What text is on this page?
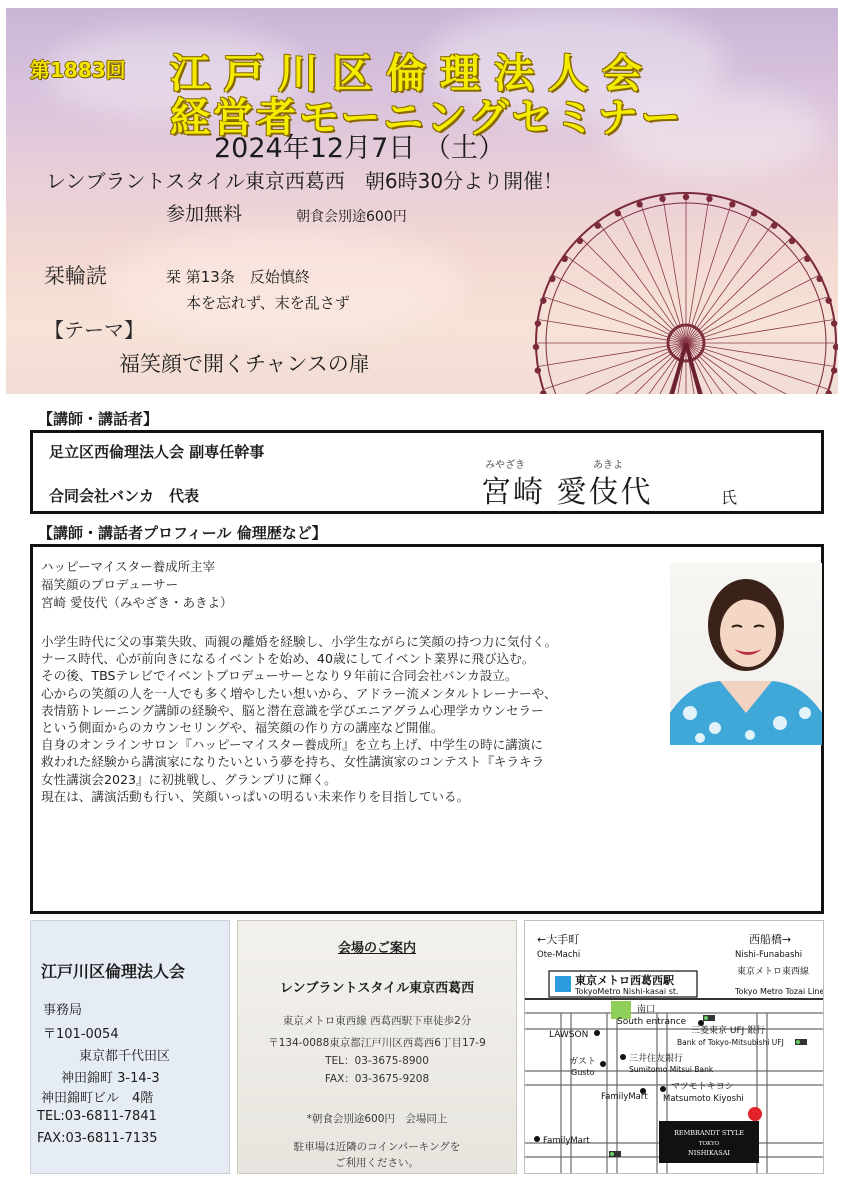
第1883回 江戸川区倫理法人会
経営者モーニングセミナー
2024年12月7日 （土）
レンブラントスタイル東京西葛西　朝6時30分より開催！
参加無料	朝食会別途600円
栞輪読	栞 第13条　反始慎終
本を忘れず、末を乱さず
【テーマ】
福笑顔で開くチャンスの扉
【講師・講話者】
足立区西倫理法人会 副専任幹事
合同会社バンカ　代表
みやざき	あきよ
宮崎 愛伎代	氏
【講師・講話者プロフィール 倫理歴など】
ハッピーマイスター養成所主宰
福笑顔のプロデューサー
宮崎 愛伎代（みやざき・あきよ）

小学生時代に父の事業失敗、両親の離婚を経験し、小学生ながらに笑顔の持つ力に気付く。

ナース時代、心が前向きになるイベントを始め、40歳にしてイベント業界に飛び込む。

その後、TBSテレビでイベントプロデューサーとなり９年前に合同会社バンカ設立。

心からの笑顔の人を一人でも多く増やしたい想いから、アドラー流メンタルトレーナーや、

表情筋トレーニング講師の経験や、脳と潜在意識を学びエニアグラム心理学カウンセラー

という側面からのカウンセリングや、福笑顔の作り方の講座など開催。

自身のオンラインサロン『ハッピーマイスター養成所』を立ち上げ、中学生の時に講演に

救われた経験から講演家になりたいという夢を持ち、女性講演家のコンテスト『キラキラ

女性講演会2023』に初挑戦し、グランプリに輝く。

現在は、講演活動も行い、笑顔いっぱいの明るい未来作りを目指している。

江戸川区倫理法人会
事務局
〒101-0054
東京都千代田区
神田錦町 3-14-3
神田錦町ビル　4階
TEL:03-6811-7841
FAX:03-6811-7135
会場のご案内
レンブラントスタイル東京西葛西
東京メトロ東西線 西葛西駅下車徒歩2分
〒134-0088東京都江戸川区西葛西6丁目17-9
TEL：03-3675-8900
FAX：03-3675-9208
*朝食会別途600円　会場同上
駐車場は近隣のコインパーキングを
ご利用ください。
←大手町
Ote-Machi
西船橋→
Nishi-Funabashi
東京メトロ東西線
Tokyo Metro Tozai Line
東京メトロ西葛西駅
TokyoMetro Nishi-kasai st.
南口
South entrance
LAWSON	三菱東京 UFJ 銀行
Bank of Tokyo-Mitsubishi UFJ
ガスト
Gusto
三井住友銀行
Sumitomo Mitsui Bank
FamilyMart
マツモトキヨシ
Matsumoto Kiyoshi
FamilyMart
REMBRANDT STYLE
TOKYO
NISHIKASAI
